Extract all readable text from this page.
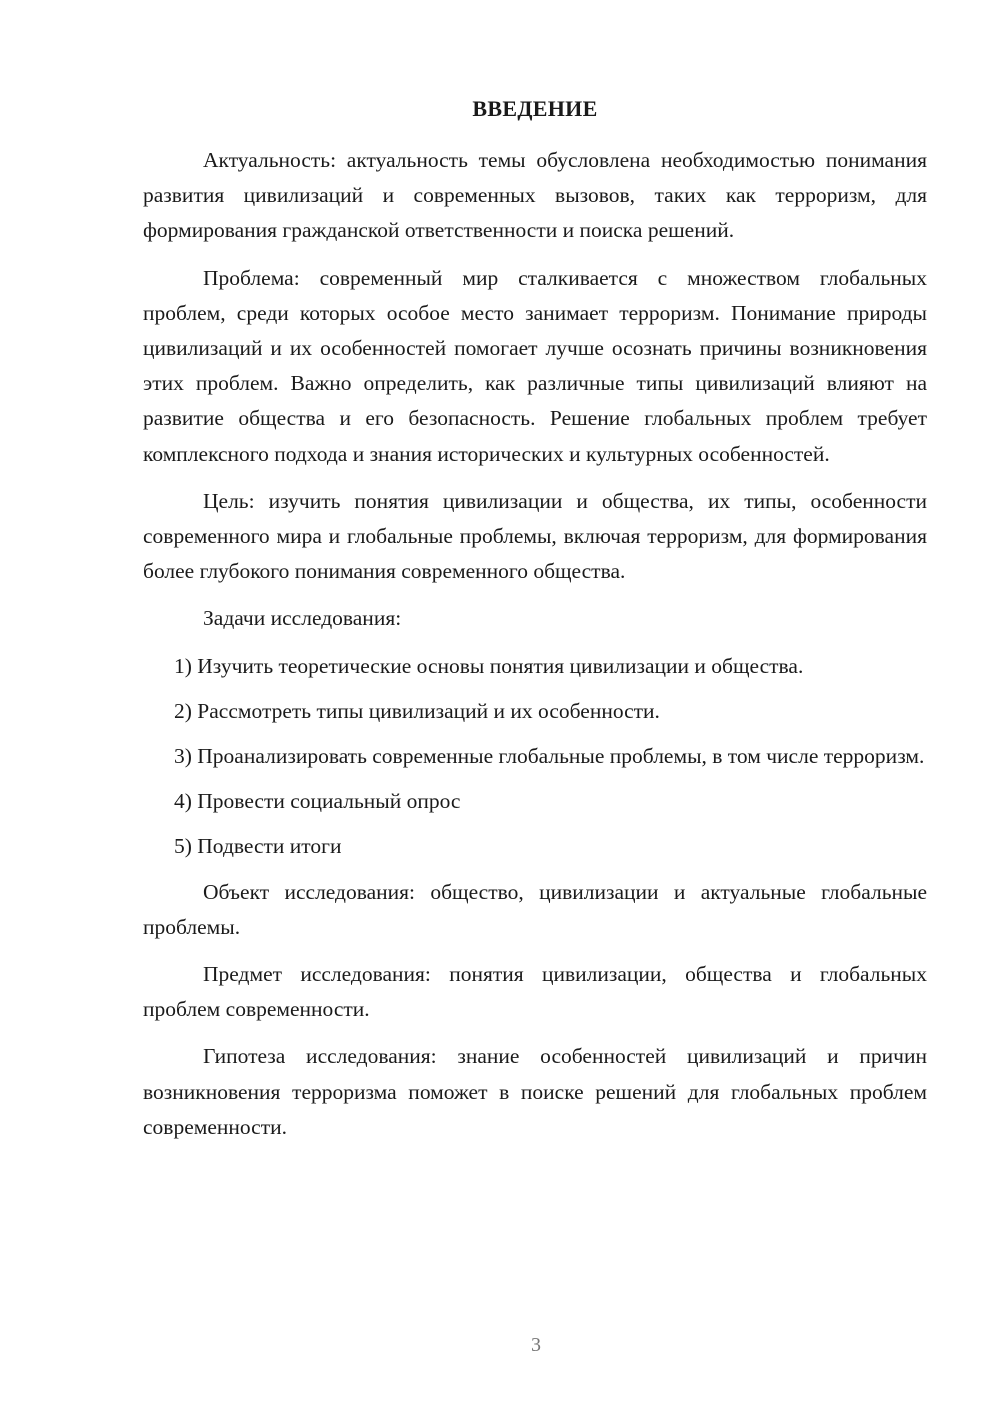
ВВЕДЕНИЕ

Актуальность: актуальность темы обусловлена необходимостью понимания развития цивилизаций и современных вызовов, таких как терроризм, для формирования гражданской ответственности и поиска решений.

Проблема: современный мир сталкивается с множеством глобальных проблем, среди которых особое место занимает терроризм. Понимание природы цивилизаций и их особенностей помогает лучше осознать причины возникновения этих проблем. Важно определить, как различные типы цивилизаций влияют на развитие общества и его безопасность. Решение глобальных проблем требует комплексного подхода и знания исторических и культурных особенностей.

Цель: изучить понятия цивилизации и общества, их типы, особенности современного мира и глобальные проблемы, включая терроризм, для формирования более глубокого понимания современного общества.

Задачи исследования:

1) Изучить теоретические основы понятия цивилизации и общества.

2) Рассмотреть типы цивилизаций и их особенности.

3) Проанализировать современные глобальные проблемы, в том числе терроризм.

4) Провести социальный опрос

5) Подвести итоги

Объект исследования: общество, цивилизации и актуальные глобальные проблемы.

Предмет исследования: понятия цивилизации, общества и глобальных проблем современности.

Гипотеза исследования: знание особенностей цивилизаций и причин возникновения терроризма поможет в поиске решений для глобальных проблем современности.

3
